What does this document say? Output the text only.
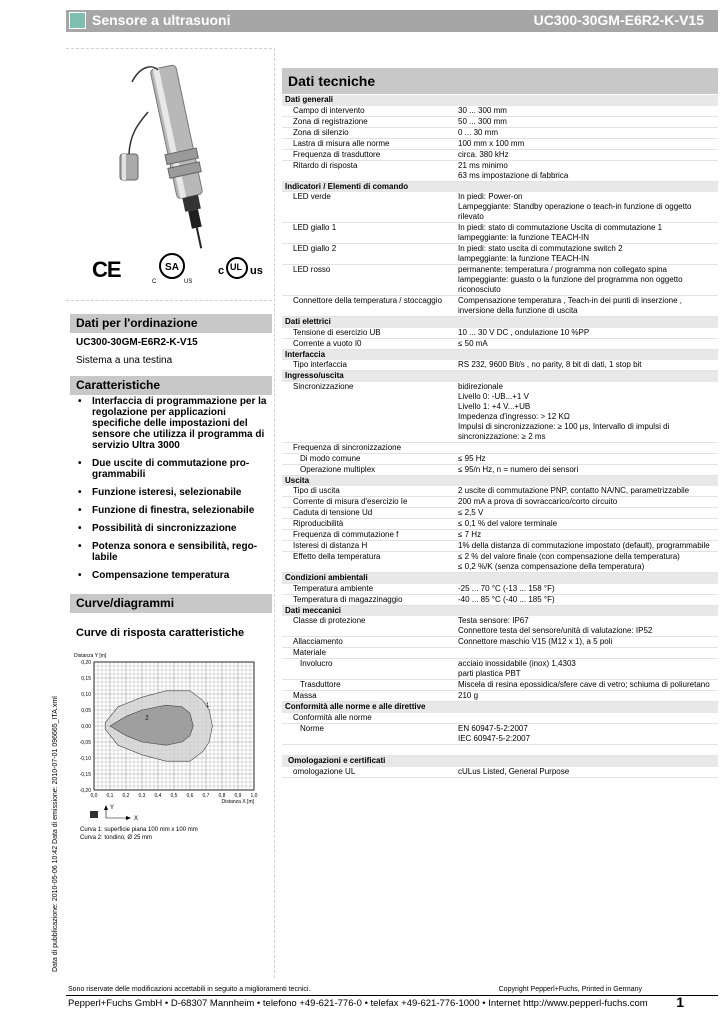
Sensore a ultrasuoni	UC300-30GM-E6R2-K-V15
CE	SA
C	US
c UL us
Dati per l'ordinazione
UC300-30GM-E6R2-K-V15
Sistema a una testina
Caratteristiche
• Interfaccia di programmazione per la regolazione per applicazioni specifiche delle impostazioni del sensore che utilizza il programma di servizio Ultra 3000
• Due uscite di commutazione pro-grammabili
• Funzione isteresi, selezionabile
• Funzione di finestra, selezionabile
• Possibilità di sincronizzazione
• Potenza sonora e sensibilità, rego-labile
• Compensazione temperatura
Curve/diagrammi
Curve di risposta caratteristiche
1
2
0,20
0,15
0,10
0,05
0,00
-0,05
-0,10
-0,15
-0,20
0,0 0,1 0,2 0,3 0,4 0,5 0,6 0,7 0,8 0,9 1,0
Distanza Y [m]
Distanza X [m]
Y
X
Curva 1: superficie piana 100 mm x 100 mm
Curva 2: tondino, Ø 25 mm
Dati tecniche
Dati generali
Campo di intervento	30 ... 300 mm
Zona di registrazione	50 ... 300 mm
Zona di silenzio	0 ... 30 mm
Lastra di misura alle norme	100 mm x 100 mm
Frequenza di trasduttore	circa. 380 kHz
Ritardo di risposta	21 ms minimo
63 ms impostazione di fabbrica
Indicatori / Elementi di comando
LED verde	In piedi: Power-on
Lampeggiante: Standby operazione o teach-in funzione di oggetto rilevato
LED giallo 1	In piedi: stato di commutazione Uscita di commutazione 1
lampeggiante: la funzione TEACH-IN
LED giallo 2	In piedi: stato uscita di commutazione switch 2
lampeggiante: la funzione TEACH-IN
LED rosso	permanente: temperatura / programma non collegato spina
lampeggiante: guasto o la funzione del programma non oggetto riconosciuto
Connettore della temperatura / stoccaggio	Compensazione temperatura , Teach-in dei punti di inserzione , inversione della funzione di uscita
Dati elettrici
Tensione di esercizio UB	10 ... 30 V DC , ondulazione 10 %PP
Corrente a vuoto I0	≤ 50 mA
Interfaccia
Tipo interfaccia	RS 232, 9600 Bit/s , no parity, 8 bit di dati, 1 stop bit
Ingresso/uscita
Sincronizzazione	bidirezionale
Livello 0: -UB...+1 V
Livello 1: +4 V...+UB
Impedenza d'ingresso: > 12 KΩ
Impulsi di sincronizzazione: ≥ 100 µs, Intervallo di impulsi di sincronizzazione: ≥ 2 ms
Frequenza di sincronizzazione
Di modo comune	≤ 95 Hz
Operazione multiplex	≤ 95/n Hz, n = numero dei sensori
Uscita
Tipo di uscita	2 uscite di commutazione PNP, contatto NA/NC, parametrizzabile
Corrente di misura d'esercizio Ie	200 mA a prova di sovraccarico/corto circuito
Caduta di tensione Ud	≤ 2,5 V
Riproducibilità	≤ 0,1 % del valore terminale
Frequenza di commutazione f	≤ 7 Hz
Isteresi di distanza H	1% della distanza di commutazione impostato (default), programmabile
Effetto della temperatura	≤ 2 % del valore finale (con compensazione della temperatura)
≤ 0,2 %/K (senza compensazione della temperatura)
Condizioni ambientali
Temperatura ambiente	-25 ... 70 °C (-13 ... 158 °F)
Temperatura di magazzinaggio	-40 ... 85 °C (-40 ... 185 °F)
Dati meccanici
Classe di protezione	Testa sensore: IP67
Connettore testa del sensore/unità di valutazione: IP52
Allacciamento	Connettore maschio V15 (M12 x 1), a 5 poli
Materiale
Involucro	acciaio inossidabile (inox) 1,4303
parti plastica PBT
Trasduttore	Miscela di resina epossidica/sfere cave di vetro; schiuma di poliuretano
Massa	210 g
Conformità alle norme e alle direttive
Conformità alle norme
Norme	EN 60947-5-2:2007
IEC 60947-5-2:2007
Omologazioni e certificati
omologazione UL	cULus Listed, General Purpose
Data di pubblicazione: 2010-05-06 10:42 Data di emissione: 2010-07-01 096665_ITA.xml
Sono riservate delle modificazioni accettabili in seguito a miglioramenti tecnici.	Copyright Pepperl+Fuchs, Printed in Germany
Pepperl+Fuchs GmbH • D-68307 Mannheim • telefono +49-621-776-0 • telefax +49-621-776-1000 • Internet http://www.pepperl-fuchs.com 1
